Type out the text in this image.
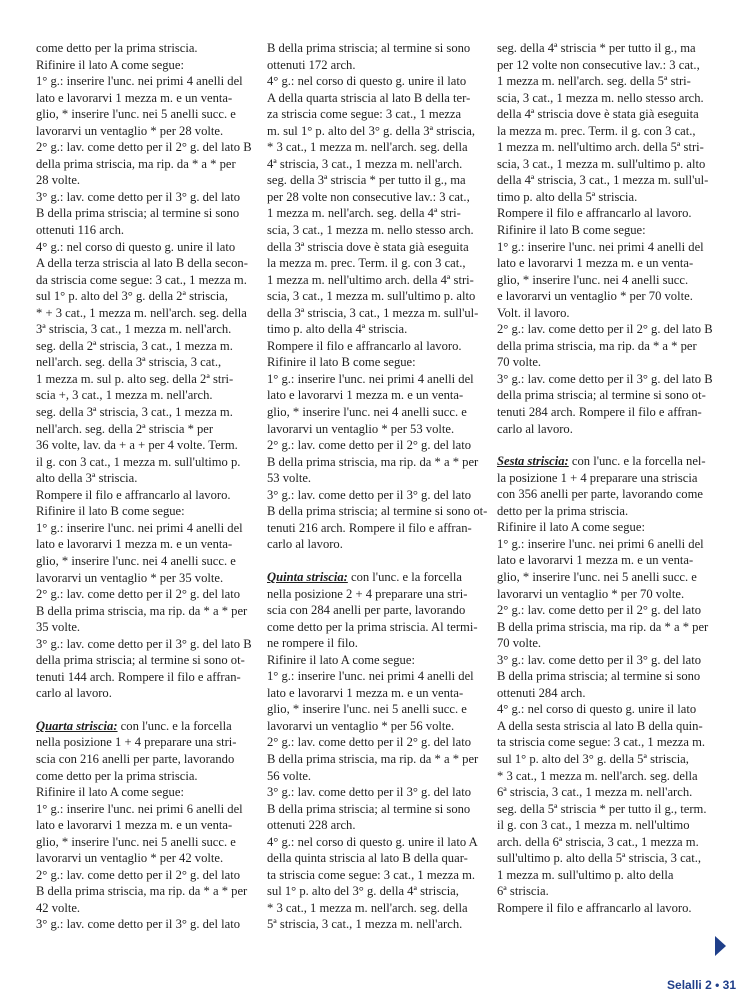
come detto per la prima striscia.
Rifinire il lato A come segue:
1° g.: inserire l'unc. nei primi 4 anelli del
lato e lavorarvi 1 mezza m. e un venta-
glio, * inserire l'unc. nei 5 anelli succ. e
lavorarvi un ventaglio * per 28 volte.
2° g.: lav. come detto per il 2° g. del lato B
della prima striscia, ma rip. da * a * per
28 volte.
3° g.: lav. come detto per il 3° g. del lato
B della prima striscia; al termine si sono
ottenuti 116 arch.
4° g.: nel corso di questo g. unire il lato
A della terza striscia al lato B della secon-
da striscia come segue: 3 cat., 1 mezza m.
sul 1° p. alto del 3° g. della 2ª striscia,
* + 3 cat., 1 mezza m. nell'arch. seg. della
3ª striscia, 3 cat., 1 mezza m. nell'arch.
seg. della 2ª striscia, 3 cat., 1 mezza m.
nell'arch. seg. della 3ª striscia, 3 cat.,
1 mezza m. sul p. alto seg. della 2ª stri-
scia +, 3 cat., 1 mezza m. nell'arch.
seg. della 3ª striscia, 3 cat., 1 mezza m.
nell'arch. seg. della 2ª striscia * per
36 volte, lav. da + a + per 4 volte. Term.
il g. con 3 cat., 1 mezza m. sull'ultimo p.
alto della 3ª striscia.
Rompere il filo e affrancarlo al lavoro.
Rifinire il lato B come segue:
1° g.: inserire l'unc. nei primi 4 anelli del
lato e lavorarvi 1 mezza m. e un venta-
glio, * inserire l'unc. nei 4 anelli succ. e
lavorarvi un ventaglio * per 35 volte.
2° g.: lav. come detto per il 2° g. del lato
B della prima striscia, ma rip. da * a * per
35 volte.
3° g.: lav. come detto per il 3° g. del lato B
della prima striscia; al termine si sono ot-
tenuti 144 arch. Rompere il filo e affran-
carlo al lavoro.
Quarta striscia: con l'unc. e la forcella
nella posizione 1 + 4 preparare una stri-
scia con 216 anelli per parte, lavorando
come detto per la prima striscia.
Rifinire il lato A come segue:
1° g.: inserire l'unc. nei primi 6 anelli del
lato e lavorarvi 1 mezza m. e un venta-
glio, * inserire l'unc. nei 5 anelli succ. e
lavorarvi un ventaglio * per 42 volte.
2° g.: lav. come detto per il 2° g. del lato
B della prima striscia, ma rip. da * a * per
42 volte.
3° g.: lav. come detto per il 3° g. del lato
B della prima striscia; al termine si sono
ottenuti 172 arch.
4° g.: nel corso di questo g. unire il lato
A della quarta striscia al lato B della ter-
za striscia come segue: 3 cat., 1 mezza
m. sul 1° p. alto del 3° g. della 3ª striscia,
* 3 cat., 1 mezza m. nell'arch. seg. della
4ª striscia, 3 cat., 1 mezza m. nell'arch.
seg. della 3ª striscia * per tutto il g., ma
per 28 volte non consecutive lav.: 3 cat.,
1 mezza m. nell'arch. seg. della 4ª stri-
scia, 3 cat., 1 mezza m. nello stesso arch.
della 3ª striscia dove è stata già eseguita
la mezza m. prec. Term. il g. con 3 cat.,
1 mezza m. nell'ultimo arch. della 4ª stri-
scia, 3 cat., 1 mezza m. sull'ultimo p. alto
della 3ª striscia, 3 cat., 1 mezza m. sull'ul-
timo p. alto della 4ª striscia.
Rompere il filo e affrancarlo al lavoro.
Rifinire il lato B come segue:
1° g.: inserire l'unc. nei primi 4 anelli del
lato e lavorarvi 1 mezza m. e un venta-
glio, * inserire l'unc. nei 4 anelli succ. e
lavorarvi un ventaglio * per 53 volte.
2° g.: lav. come detto per il 2° g. del lato
B della prima striscia, ma rip. da * a * per
53 volte.
3° g.: lav. come detto per il 3° g. del lato
B della prima striscia; al termine si sono ot-
tenuti 216 arch. Rompere il filo e affran-
carlo al lavoro.
Quinta striscia: con l'unc. e la forcella
nella posizione 2 + 4 preparare una stri-
scia con 284 anelli per parte, lavorando
come detto per la prima striscia. Al termi-
ne rompere il filo.
Rifinire il lato A come segue:
1° g.: inserire l'unc. nei primi 4 anelli del
lato e lavorarvi 1 mezza m. e un venta-
glio, * inserire l'unc. nei 5 anelli succ. e
lavorarvi un ventaglio * per 56 volte.
2° g.: lav. come detto per il 2° g. del lato
B della prima striscia, ma rip. da * a * per
56 volte.
3° g.: lav. come detto per il 3° g. del lato
B della prima striscia; al termine si sono
ottenuti 228 arch.
4° g.: nel corso di questo g. unire il lato A
della quinta striscia al lato B della quar-
ta striscia come segue: 3 cat., 1 mezza m.
sul 1° p. alto del 3° g. della 4ª striscia,
* 3 cat., 1 mezza m. nell'arch. seg. della
5ª striscia, 3 cat., 1 mezza m. nell'arch.
seg. della 4ª striscia * per tutto il g., ma
per 12 volte non consecutive lav.: 3 cat.,
1 mezza m. nell'arch. seg. della 5ª stri-
scia, 3 cat., 1 mezza m. nello stesso arch.
della 4ª striscia dove è stata già eseguita
la mezza m. prec. Term. il g. con 3 cat.,
1 mezza m. nell'ultimo arch. della 5ª stri-
scia, 3 cat., 1 mezza m. sull'ultimo p. alto
della 4ª striscia, 3 cat., 1 mezza m. sull'ul-
timo p. alto della 5ª striscia.
Rompere il filo e affrancarlo al lavoro.
Rifinire il lato B come segue:
1° g.: inserire l'unc. nei primi 4 anelli del
lato e lavorarvi 1 mezza m. e un venta-
glio, * inserire l'unc. nei 4 anelli succ.
e lavorarvi un ventaglio * per 70 volte.
Volt. il lavoro.
2° g.: lav. come detto per il 2° g. del lato B
della prima striscia, ma rip. da * a * per
70 volte.
3° g.: lav. come detto per il 3° g. del lato B
della prima striscia; al termine si sono ot-
tenuti 284 arch. Rompere il filo e affran-
carlo al lavoro.
Sesta striscia: con l'unc. e la forcella nel-
la posizione 1 + 4 preparare una striscia
con 356 anelli per parte, lavorando come
detto per la prima striscia.
Rifinire il lato A come segue:
1° g.: inserire l'unc. nei primi 6 anelli del
lato e lavorarvi 1 mezza m. e un venta-
glio, * inserire l'unc. nei 5 anelli succ. e
lavorarvi un ventaglio * per 70 volte.
2° g.: lav. come detto per il 2° g. del lato
B della prima striscia, ma rip. da * a * per
70 volte.
3° g.: lav. come detto per il 3° g. del lato
B della prima striscia; al termine si sono
ottenuti 284 arch.
4° g.: nel corso di questo g. unire il lato
A della sesta striscia al lato B della quin-
ta striscia come segue: 3 cat., 1 mezza m.
sul 1° p. alto del 3° g. della 5ª striscia,
* 3 cat., 1 mezza m. nell'arch. seg. della
6ª striscia, 3 cat., 1 mezza m. nell'arch.
seg. della 5ª striscia * per tutto il g., term.
il g. con 3 cat., 1 mezza m. nell'ultimo
arch. della 6ª striscia, 3 cat., 1 mezza m.
sull'ultimo p. alto della 5ª striscia, 3 cat.,
1 mezza m. sull'ultimo p. alto della
6ª striscia.
Rompere il filo e affrancarlo al lavoro.
Selalli 2 • 31
